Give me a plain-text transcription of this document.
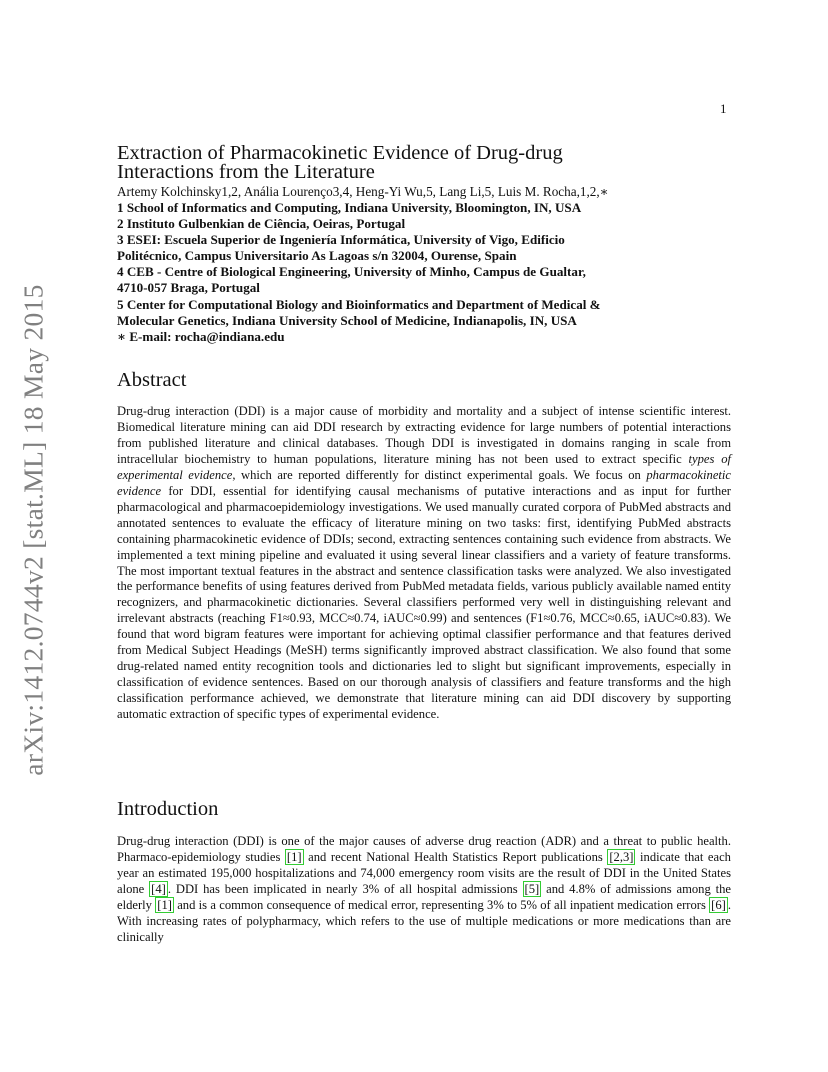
1
arXiv:1412.0744v2 [stat.ML] 18 May 2015
Extraction of Pharmacokinetic Evidence of Drug-drug
Interactions from the Literature
Artemy Kolchinsky1,2, Anália Lourenço3,4, Heng-Yi Wu,5, Lang Li,5, Luis M. Rocha,1,2,∗
1 School of Informatics and Computing, Indiana University, Bloomington, IN, USA
2 Instituto Gulbenkian de Ciência, Oeiras, Portugal
3 ESEI: Escuela Superior de Ingeniería Informática, University of Vigo, Edificio
Politécnico, Campus Universitario As Lagoas s/n 32004, Ourense, Spain
4 CEB - Centre of Biological Engineering, University of Minho, Campus de Gualtar,
4710-057 Braga, Portugal
5 Center for Computational Biology and Bioinformatics and Department of Medical &
Molecular Genetics, Indiana University School of Medicine, Indianapolis, IN, USA
∗ E-mail: rocha@indiana.edu
Abstract

Drug-drug interaction (DDI) is a major cause of morbidity and mortality and a subject of intense scientific interest. Biomedical literature mining can aid DDI research by extracting evidence for large numbers of potential interactions from published literature and clinical databases. Though DDI is investigated in domains ranging in scale from intracellular biochemistry to human populations, literature mining has not been used to extract specific types of experimental evidence, which are reported differently for distinct experimental goals. We focus on pharmacokinetic evidence for DDI, essential for identifying causal mechanisms of putative interactions and as input for further pharmacological and pharmacoepidemiology investigations. We used manually curated corpora of PubMed abstracts and annotated sentences to evaluate the efficacy of literature mining on two tasks: first, identifying PubMed abstracts containing pharmacokinetic evidence of DDIs; second, extracting sentences containing such evidence from abstracts. We implemented a text mining pipeline and evaluated it using several linear classifiers and a variety of feature transforms. The most important textual features in the abstract and sentence classification tasks were analyzed. We also investigated the performance benefits of using features derived from PubMed metadata fields, various publicly available named entity recognizers, and pharmacokinetic dictionaries. Several classifiers performed very well in distinguishing relevant and irrelevant abstracts (reaching F1≈0.93, MCC≈0.74, iAUC≈0.99) and sentences (F1≈0.76, MCC≈0.65, iAUC≈0.83). We found that word bigram features were important for achieving optimal classifier performance and that features derived from Medical Subject Headings (MeSH) terms significantly improved abstract classification. We also found that some drug-related named entity recognition tools and dictionaries led to slight but significant improvements, especially in classification of evidence sentences. Based on our thorough analysis of classifiers and feature transforms and the high classification performance achieved, we demonstrate that literature mining can aid DDI discovery by supporting automatic extraction of specific types of experimental evidence.

Introduction

Drug-drug interaction (DDI) is one of the major causes of adverse drug reaction (ADR) and a threat to public health. Pharmaco-epidemiology studies [1] and recent National Health Statistics Report publications [2,3] indicate that each year an estimated 195,000 hospitalizations and 74,000 emergency room visits are the result of DDI in the United States alone [4] . DDI has been implicated in nearly 3% of all hospital admissions [5] and 4.8% of admissions among the elderly [1] and is a common consequence of medical error, representing 3% to 5% of all inpatient medication errors [6] . With increasing rates of polypharmacy, which refers to the use of multiple medications or more medications than are clinically
